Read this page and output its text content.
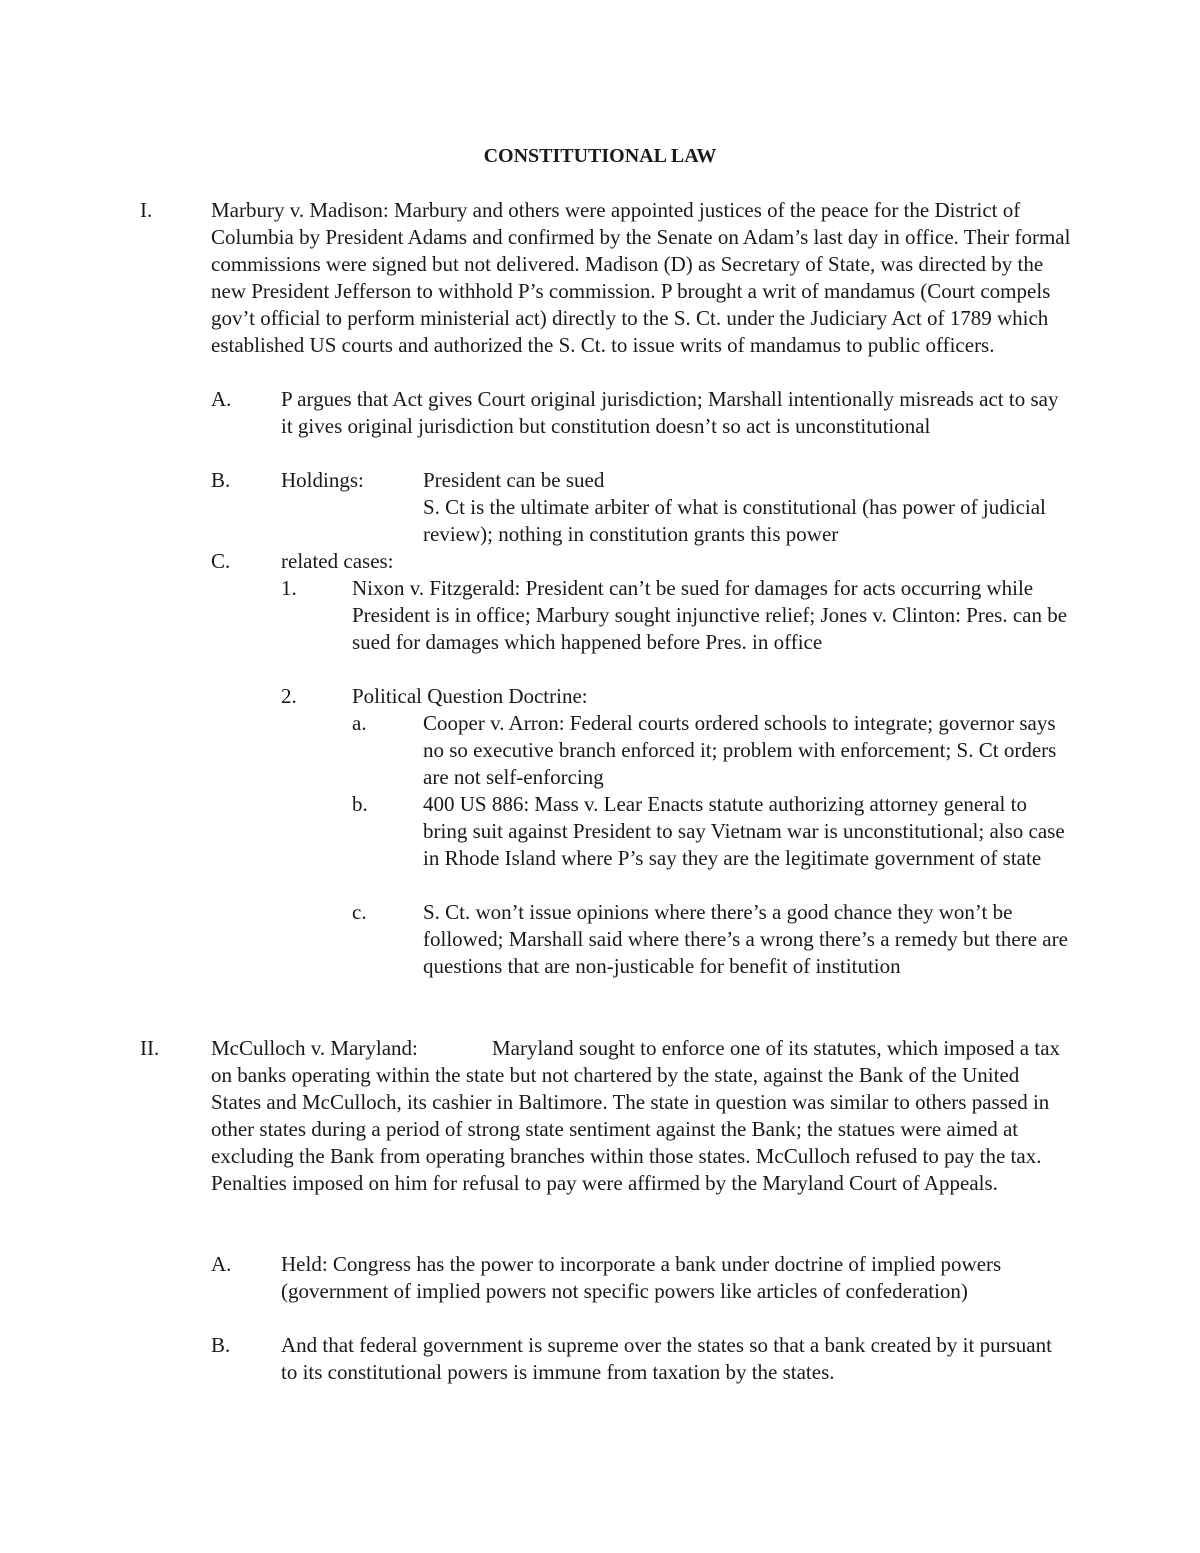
CONSTITUTIONAL LAW
I.	Marbury v. Madison: Marbury and others were appointed justices of the peace for the District of Columbia by President Adams and confirmed by the Senate on Adam’s last day in office. Their formal commissions were signed but not delivered. Madison (D) as Secretary of State, was directed by the new President Jefferson to withhold P’s commission. P brought a writ of mandamus (Court compels gov’t official to perform ministerial act) directly to the S. Ct. under the Judiciary Act of 1789 which established US courts and authorized the S. Ct. to issue writs of mandamus to public officers.
A. P argues that Act gives Court original jurisdiction; Marshall intentionally misreads act to say it gives original jurisdiction but constitution doesn’t so act is unconstitutional
B. Holdings:	President can be sued
S. Ct is the ultimate arbiter of what is constitutional (has power of judicial review); nothing in constitution grants this power
C. related cases:
1.	Nixon v. Fitzgerald: President can’t be sued for damages for acts occurring while President is in office; Marbury sought injunctive relief; Jones v. Clinton: Pres. can be sued for damages which happened before Pres. in office
2.	Political Question Doctrine:
a.	Cooper v. Arron: Federal courts ordered schools to integrate; governor says no so executive branch enforced it; problem with enforcement; S. Ct orders are not self-enforcing
b.	400 US 886: Mass v. Lear Enacts statute authorizing attorney general to bring suit against President to say Vietnam war is unconstitutional; also case in Rhode Island where P’s say they are the legitimate government of state
c.	S. Ct. won’t issue opinions where there’s a good chance they won’t be followed; Marshall said where there’s a wrong there’s a remedy but there are questions that are non-justicable for benefit of institution
II. McCulloch v. Maryland:	Maryland sought to enforce one of its statutes, which imposed a tax on banks operating within the state but not chartered by the state, against the Bank of the United States and McCulloch, its cashier in Baltimore. The state in question was similar to others passed in other states during a period of strong state sentiment against the Bank; the statues were aimed at excluding the Bank from operating branches within those states. McCulloch refused to pay the tax. Penalties imposed on him for refusal to pay were affirmed by the Maryland Court of Appeals.
A. Held: Congress has the power to incorporate a bank under doctrine of implied powers (government of implied powers not specific powers like articles of confederation)
B. And that federal government is supreme over the states so that a bank created by it pursuant to its constitutional powers is immune from taxation by the states.
